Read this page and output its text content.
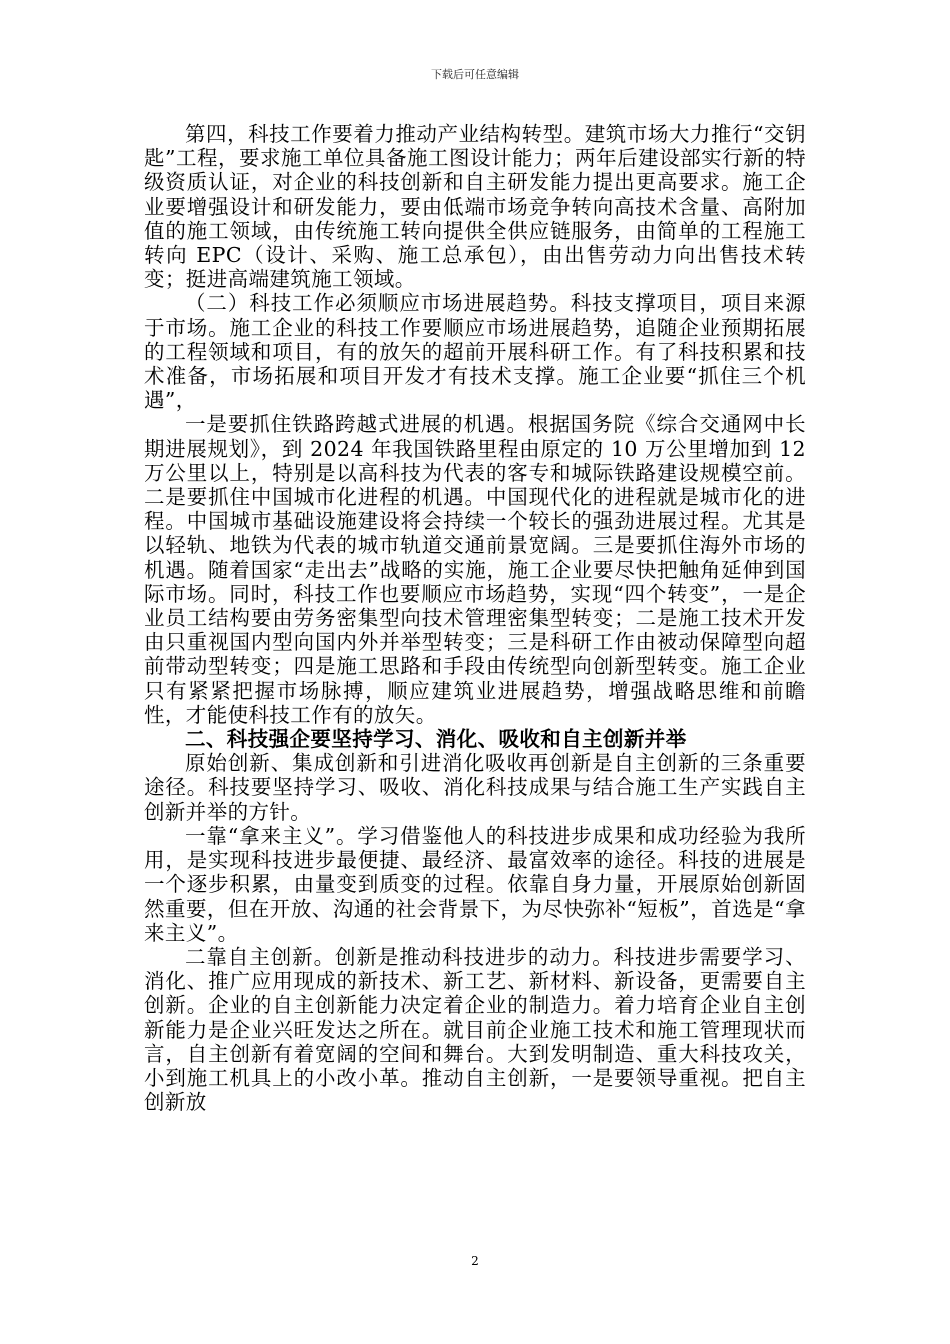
下载后可任意编辑

第四，科技工作要着力推动产业结构转型。建筑市场大力推行“交钥匙”工程，要求施工单位具备施工图设计能力；两年后建设部实行新的特级资质认证，对企业的科技创新和自主研发能力提出更高要求。施工企业要增强设计和研发能力，要由低端市场竞争转向高技术含量、高附加值的施工领域，由传统施工转向提供全供应链服务，由简单的工程施工转向 EPC（设计、采购、施工总承包），由出售劳动力向出售技术转变；挺进高端建筑施工领域。

（二）科技工作必须顺应市场进展趋势。科技支撑项目，项目来源于市场。施工企业的科技工作要顺应市场进展趋势，追随企业预期拓展的工程领域和项目，有的放矢的超前开展科研工作。有了科技积累和技术准备，市场拓展和项目开发才有技术支撑。施工企业要“抓住三个机遇”，

一是要抓住铁路跨越式进展的机遇。根据国务院《综合交通网中长期进展规划》，到 2024 年我国铁路里程由原定的 10 万公里增加到 12 万公里以上，特别是以高科技为代表的客专和城际铁路建设规模空前。二是要抓住中国城市化进程的机遇。中国现代化的进程就是城市化的进程。中国城市基础设施建设将会持续一个较长的强劲进展过程。尤其是以轻轨、地铁为代表的城市轨道交通前景宽阔。三是要抓住海外市场的机遇。随着国家“走出去”战略的实施，施工企业要尽快把触角延伸到国际市场。同时，科技工作也要顺应市场趋势，实现“四个转变”，一是企业员工结构要由劳务密集型向技术管理密集型转变；二是施工技术开发由只重视国内型向国内外并举型转变；三是科研工作由被动保障型向超前带动型转变；四是施工思路和手段由传统型向创新型转变。施工企业只有紧紧把握市场脉搏，顺应建筑业进展趋势，增强战略思维和前瞻性，才能使科技工作有的放矢。

二、科技强企要坚持学习、消化、吸收和自主创新并举

原始创新、集成创新和引进消化吸收再创新是自主创新的三条重要途径。科技要坚持学习、吸收、消化科技成果与结合施工生产实践自主创新并举的方针。

一靠“拿来主义”。学习借鉴他人的科技进步成果和成功经验为我所用，是实现科技进步最便捷、最经济、最富效率的途径。科技的进展是一个逐步积累，由量变到质变的过程。依靠自身力量，开展原始创新固然重要，但在开放、沟通的社会背景下，为尽快弥补“短板”，首选是“拿来主义”。

二靠自主创新。创新是推动科技进步的动力。科技进步需要学习、消化、推广应用现成的新技术、新工艺、新材料、新设备，更需要自主创新。企业的自主创新能力决定着企业的制造力。着力培育企业自主创新能力是企业兴旺发达之所在。就目前企业施工技术和施工管理现状而言，自主创新有着宽阔的空间和舞台。大到发明制造、重大科技攻关，小到施工机具上的小改小革。推动自主创新，一是要领导重视。把自主创新放

2
